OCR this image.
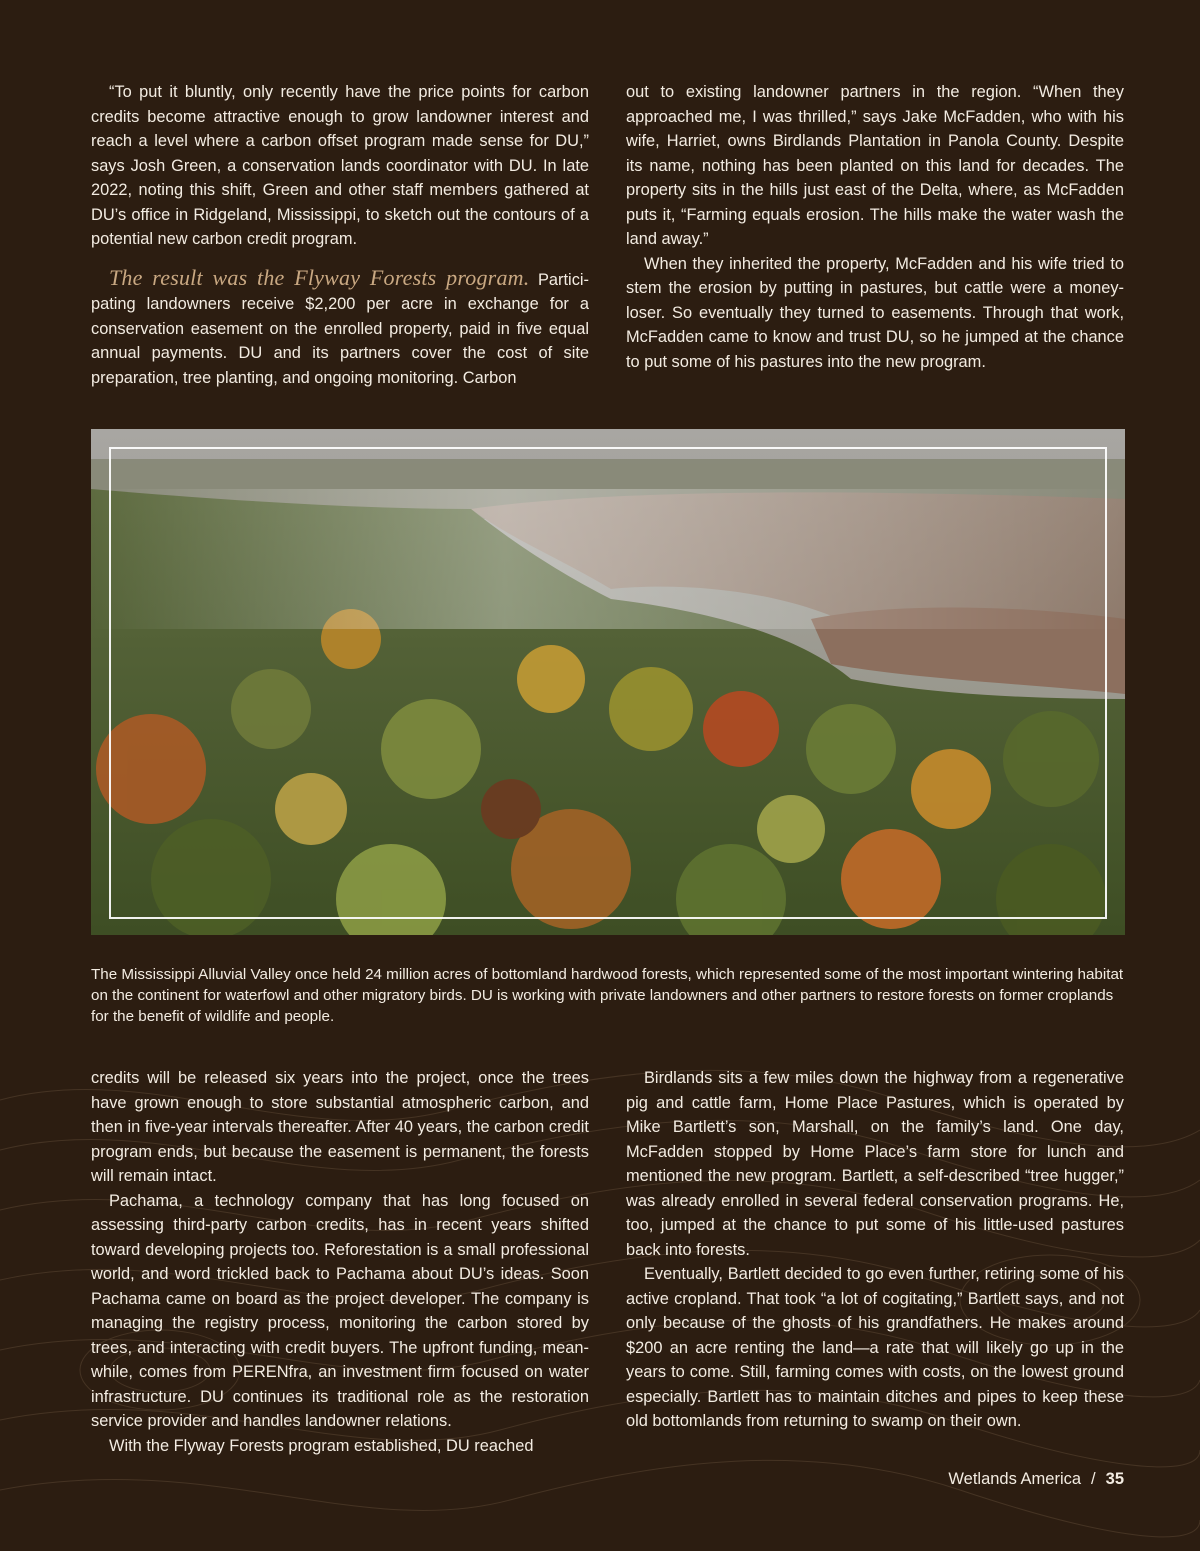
“To put it bluntly, only recently have the price points for carbon credits become attractive enough to grow landowner interest and reach a level where a carbon offset program made sense for DU,” says Josh Green, a conservation lands coordinator with DU. In late 2022, noting this shift, Green and other staff members gathered at DU’s office in Ridgeland, Mississippi, to sketch out the contours of a potential new carbon credit program.

The result was the Flyway Forests program. Participating landowners receive $2,200 per acre in exchange for a conservation easement on the enrolled property, paid in five equal annual payments. DU and its partners cover the cost of site preparation, tree planting, and ongoing monitoring. Carbon

out to existing landowner partners in the region. “When they approached me, I was thrilled,” says Jake McFadden, who with his wife, Harriet, owns Birdlands Plantation in Panola County. Despite its name, nothing has been planted on this land for decades. The property sits in the hills just east of the Delta, where, as McFadden puts it, “Farming equals erosion. The hills make the water wash the land away.”

When they inherited the property, McFadden and his wife tried to stem the erosion by putting in pastures, but cattle were a money-loser. So eventually they turned to easements. Through that work, McFadden came to know and trust DU, so he jumped at the chance to put some of his pastures into the new program.

The Mississippi Alluvial Valley once held 24 million acres of bottomland hardwood forests, which represented some of the most important wintering habitat on the continent for waterfowl and other migratory birds. DU is working with private landowners and other partners to restore forests on former croplands for the benefit of wildlife and people.

credits will be released six years into the project, once the trees have grown enough to store substantial atmospheric carbon, and then in five-year intervals thereafter. After 40 years, the carbon credit program ends, but because the easement is permanent, the forests will remain intact.

Pachama, a technology company that has long focused on assessing third-party carbon credits, has in recent years shifted toward developing projects too. Reforestation is a small professional world, and word trickled back to Pachama about DU’s ideas. Soon Pachama came on board as the project developer. The company is managing the registry process, monitoring the carbon stored by trees, and interacting with credit buyers. The upfront funding, meanwhile, comes from PERENfra, an investment firm focused on water infrastructure. DU continues its traditional role as the restoration service provider and handles landowner relations.

With the Flyway Forests program established, DU reached

Birdlands sits a few miles down the highway from a regenerative pig and cattle farm, Home Place Pastures, which is operated by Mike Bartlett’s son, Marshall, on the family’s land. One day, McFadden stopped by Home Place’s farm store for lunch and mentioned the new program. Bartlett, a self-described “tree hugger,” was already enrolled in several federal conservation programs. He, too, jumped at the chance to put some of his little-used pastures back into forests.

Eventually, Bartlett decided to go even further, retiring some of his active cropland. That took “a lot of cogitating,” Bartlett says, and not only because of the ghosts of his grandfathers. He makes around $200 an acre renting the land—a rate that will likely go up in the years to come. Still, farming comes with costs, on the lowest ground especially. Bartlett has to maintain ditches and pipes to keep these old bottomlands from returning to swamp on their own.

Wetlands America / 35
